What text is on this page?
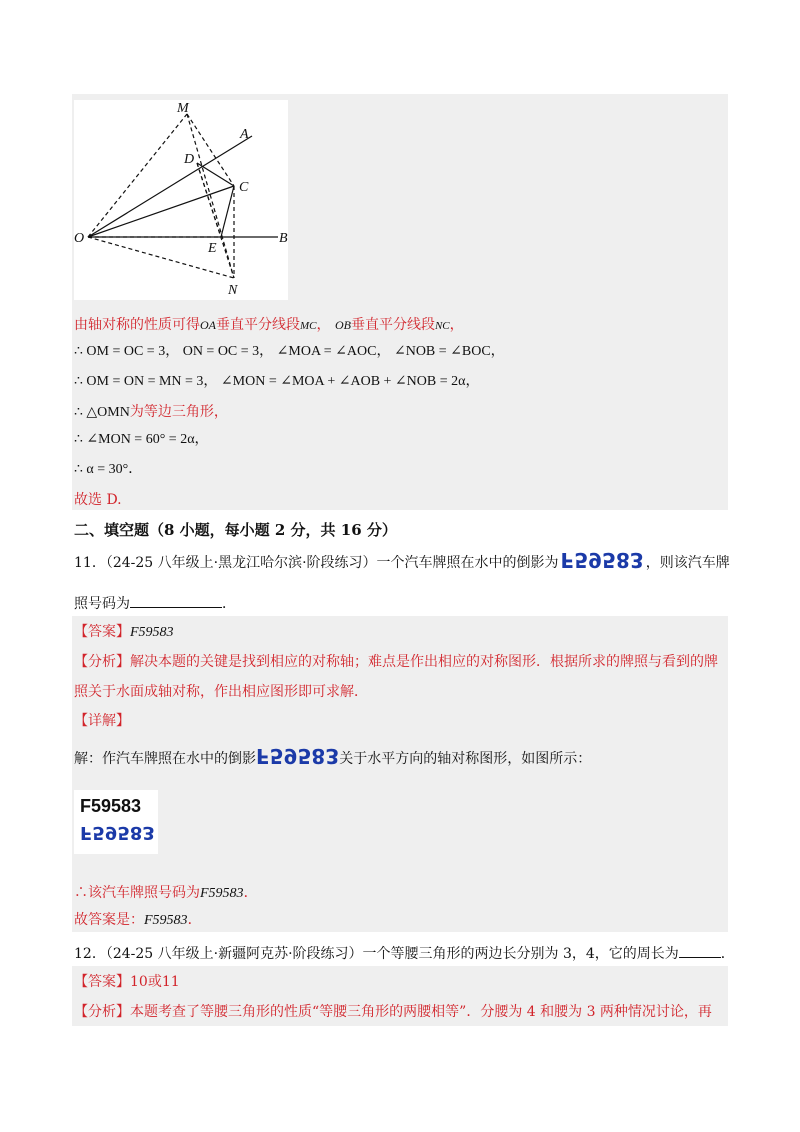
M
A
D
C
O
E
B
N
由轴对称的性质可得OA垂直平分线段MC， OB垂直平分线段NC，
∴ OM = OC = 3， ON = OC = 3， ∠MOA = ∠AOC， ∠NOB = ∠BOC，
∴ OM = ON = MN = 3， ∠MON = ∠MOA + ∠AOB + ∠NOB = 2α，
∴ △OMN为等边三角形，
∴ ∠MON = 60° = 2α，
∴ α = 30°．
故选 D.
二、填空题（8 小题，每小题 2 分，共 16 分）
11．（24-25 八年级上·黑龙江哈尔滨·阶段练习）一个汽车牌照在水中的倒影为 F59583 ，则该汽车牌
照号码为	．
【答案】F59583
【分析】解决本题的关键是找到相应的对称轴；难点是作出相应的对称图形．根据所求的牌照与看到的牌
照关于水面成轴对称，作出相应图形即可求解．
【详解】
解：作汽车牌照在水中的倒影F59583关于水平方向的轴对称图形，如图所示：
F59583
F59583
∴该汽车牌照号码为F59583．
故答案是：F59583．
12．（24-25 八年级上·新疆阿克苏·阶段练习）一个等腰三角形的两边长分别为 3，4，它的周长为	．
【答案】10或11
【分析】本题考查了等腰三角形的性质“等腰三角形的两腰相等”．分腰为 4 和腰为 3 两种情况讨论，再
